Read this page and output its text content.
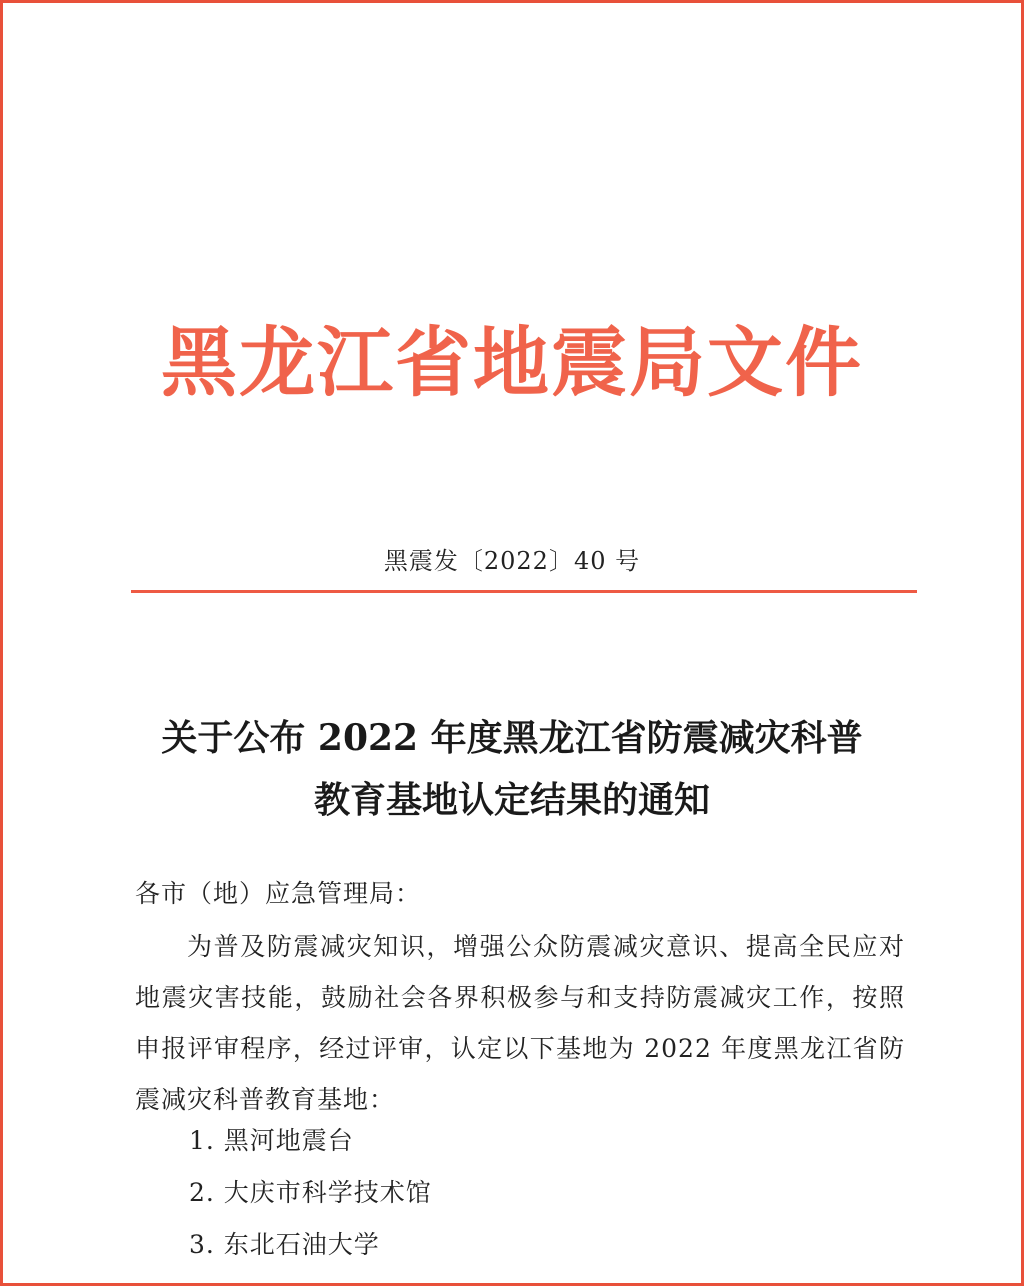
黑龙江省地震局文件
黑震发〔2022〕40 号
关于公布 2022 年度黑龙江省防震减灾科普
教育基地认定结果的通知
各市（地）应急管理局：
为普及防震减灾知识，增强公众防震减灾意识、提高全民应对地震灾害技能，鼓励社会各界积极参与和支持防震减灾工作，按照申报评审程序，经过评审，认定以下基地为 2022 年度黑龙江省防震减灾科普教育基地：
1. 黑河地震台
2. 大庆市科学技术馆
3. 东北石油大学
